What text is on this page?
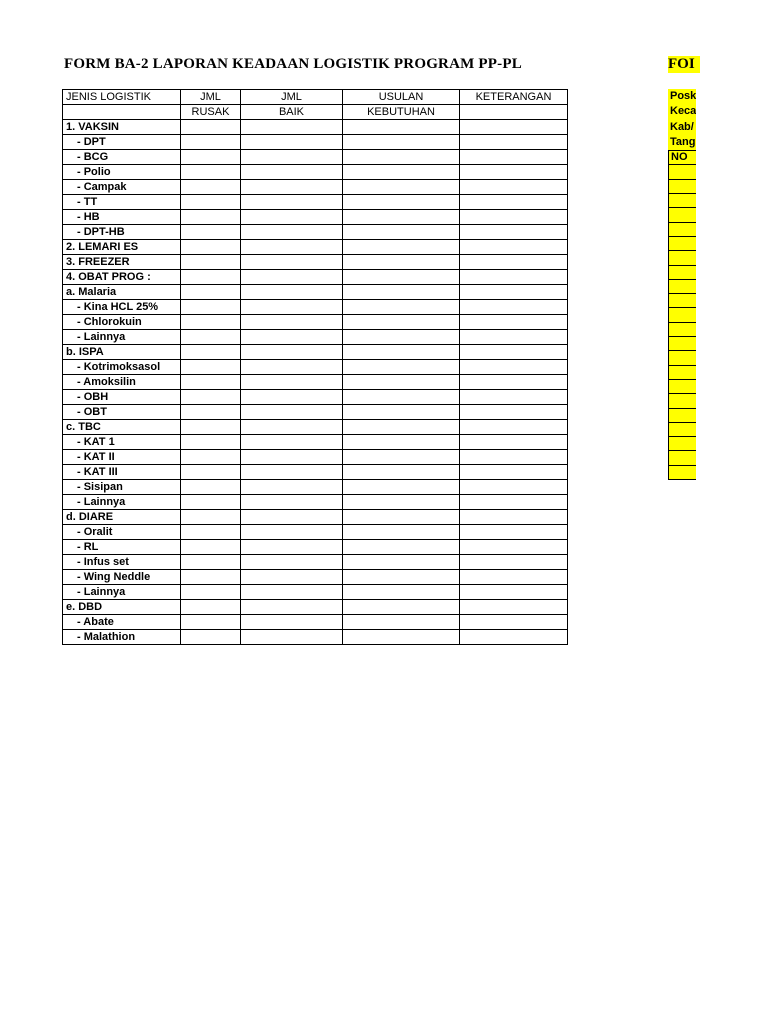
FORM BA-2 LAPORAN KEADAAN LOGISTIK PROGRAM PP-PL
JENIS LOGISTIK	JML	JML	USULAN	KETERANGAN
	RUSAK	BAIK	KEBUTUHAN	
1. VAKSIN				
- DPT				
- BCG				
- Polio				
- Campak				
- TT				
- HB				
- DPT-HB				
2. LEMARI ES				
3. FREEZER				
4. OBAT PROG :				
a. Malaria				
- Kina HCL 25%				
- Chlorokuin				
- Lainnya				
b. ISPA				
- Kotrimoksasol				
- Amoksilin				
- OBH				
- OBT				
c. TBC				
- KAT 1				
- KAT II				
- KAT III				
- Sisipan				
- Lainnya				
d. DIARE				
- Oralit				
- RL				
- Infus set				
- Wing Neddle				
- Lainnya				
e. DBD				
- Abate				
- Malathion				
FOI
Posk
Keca
Kab/
Tang
NO
